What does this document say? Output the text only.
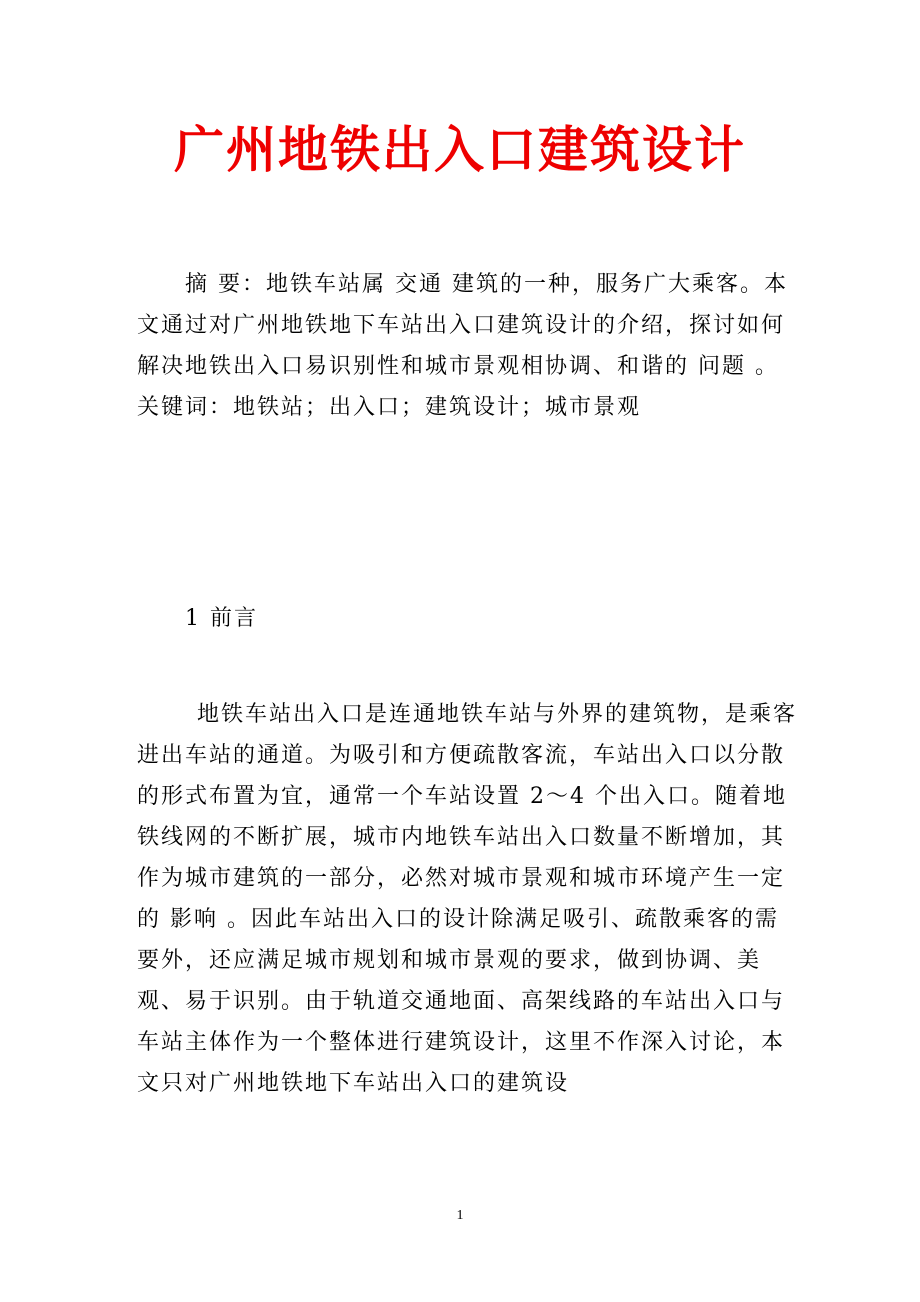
广州地铁出入口建筑设计

摘 要：地铁车站属 交通 建筑的一种，服务广大乘客。本文通过对广州地铁地下车站出入口建筑设计的介绍，探讨如何解决地铁出入口易识别性和城市景观相协调、和谐的 问题 。关键词：地铁站；出入口；建筑设计；城市景观

1 前言

地铁车站出入口是连通地铁车站与外界的建筑物，是乘客进出车站的通道。为吸引和方便疏散客流，车站出入口以分散的形式布置为宜，通常一个车站设置 2～4 个出入口。随着地铁线网的不断扩展，城市内地铁车站出入口数量不断增加，其作为城市建筑的一部分，必然对城市景观和城市环境产生一定的 影响 。因此车站出入口的设计除满足吸引、疏散乘客的需要外，还应满足城市规划和城市景观的要求，做到协调、美观、易于识别。由于轨道交通地面、高架线路的车站出入口与车站主体作为一个整体进行建筑设计，这里不作深入讨论，本文只对广州地铁地下车站出入口的建筑设

1
